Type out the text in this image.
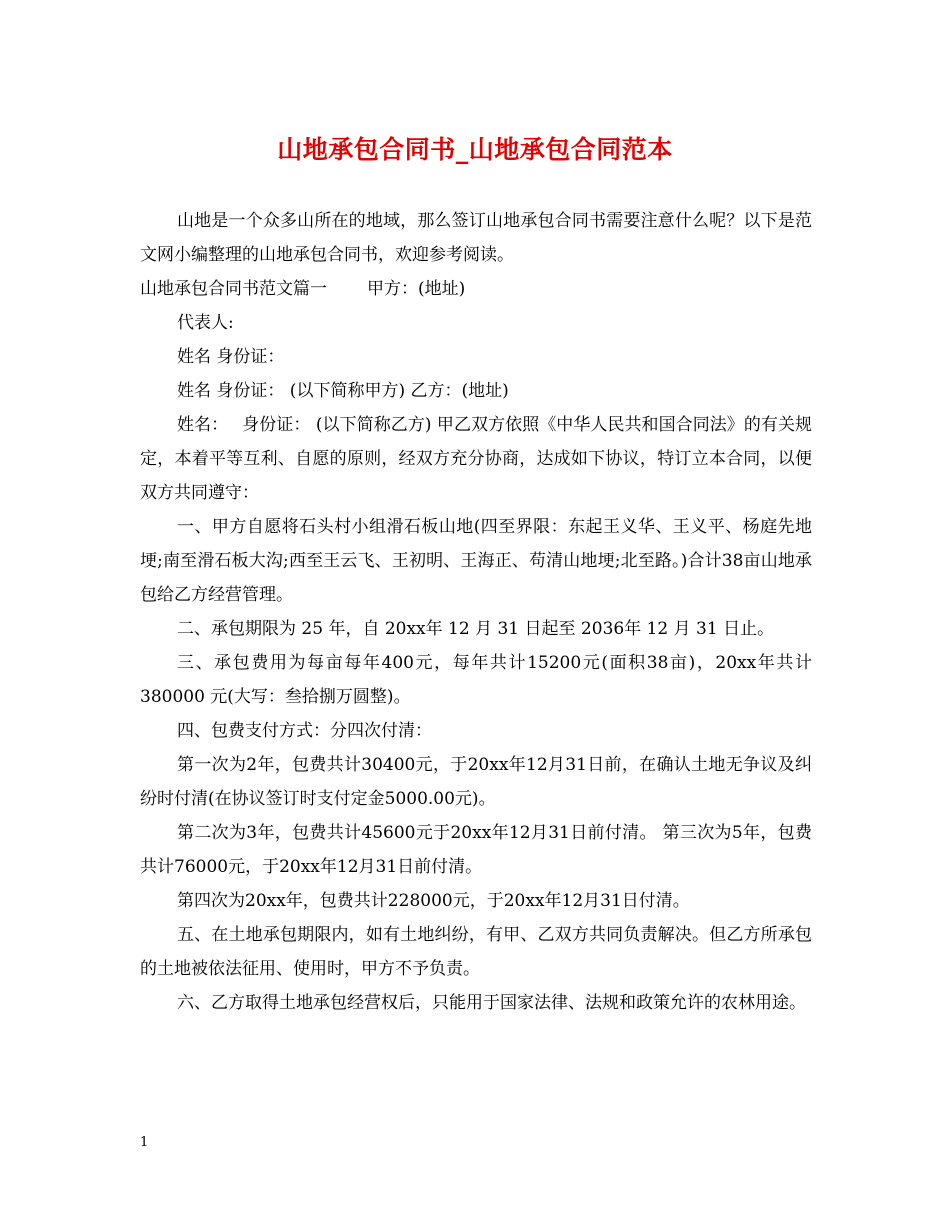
山地承包合同书_山地承包合同范本

山地是一个众多山所在的地域，那么签订山地承包合同书需要注意什么呢？以下是范文网小编整理的山地承包合同书，欢迎参考阅读。

山地承包合同书范文篇一 甲方：(地址)

代表人:

姓名 身份证：

姓名 身份证： (以下简称甲方) 乙方：(地址)

姓名： 身份证： (以下简称乙方) 甲乙双方依照《中华人民共和国合同法》的有关规定，本着平等互利、自愿的原则，经双方充分协商，达成如下协议，特订立本合同，以便双方共同遵守：

一、甲方自愿将石头村小组滑石板山地(四至界限：东起王义华、王义平、杨庭先地埂;南至滑石板大沟;西至王云飞、王初明、王海正、苟清山地埂;北至路。)合计38亩山地承包给乙方经营管理。

二、承包期限为 25 年，自 20xx年 12 月 31 日起至 2036年 12 月 31 日止。

三、承包费用为每亩每年400元，每年共计15200元(面积38亩)，20xx年共计 380000 元(大写：叁拾捌万圆整)。

四、包费支付方式：分四次付清：

第一次为2年，包费共计30400元，于20xx年12月31日前，在确认土地无争议及纠纷时付清(在协议签订时支付定金5000.00元)。

第二次为3年，包费共计45600元于20xx年12月31日前付清。 第三次为5年，包费共计76000元，于20xx年12月31日前付清。

第四次为20xx年，包费共计228000元，于20xx年12月31日付清。

五、在土地承包期限内，如有土地纠纷，有甲、乙双方共同负责解决。但乙方所承包的土地被依法征用、使用时，甲方不予负责。

六、乙方取得土地承包经营权后，只能用于国家法律、法规和政策允许的农林用途。

1
